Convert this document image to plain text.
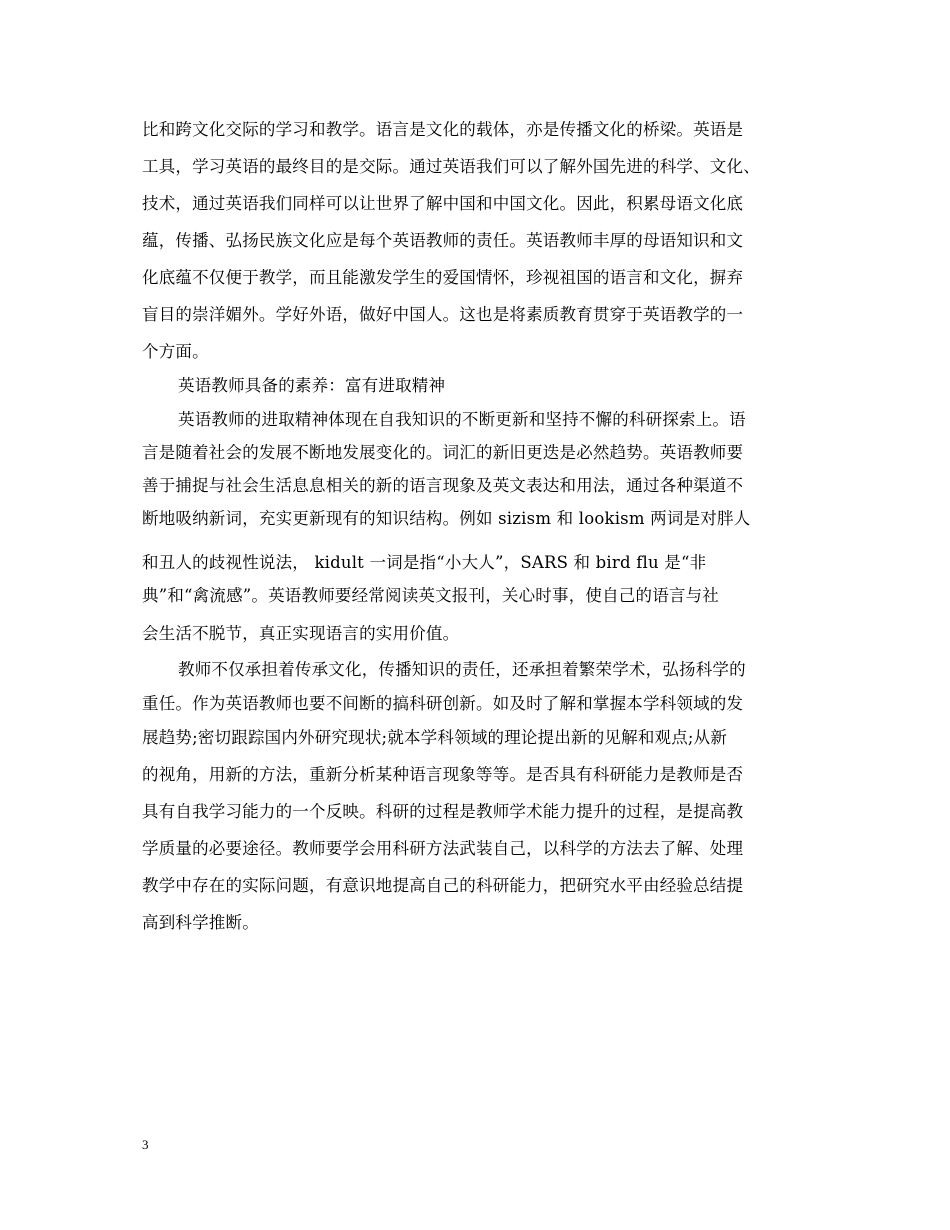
比和跨文化交际的学习和教学。语言是文化的载体，亦是传播文化的桥梁。英语是
工具，学习英语的最终目的是交际。通过英语我们可以了解外国先进的科学、文化、
技术，通过英语我们同样可以让世界了解中国和中国文化。因此，积累母语文化底
蕴，传播、弘扬民族文化应是每个英语教师的责任。英语教师丰厚的母语知识和文
化底蕴不仅便于教学，而且能激发学生的爱国情怀，珍视祖国的语言和文化，摒弃
盲目的崇洋媚外。学好外语，做好中国人。这也是将素质教育贯穿于英语教学的一
个方面。
英语教师具备的素养：富有进取精神
英语教师的进取精神体现在自我知识的不断更新和坚持不懈的科研探索上。语
言是随着社会的发展不断地发展变化的。词汇的新旧更迭是必然趋势。英语教师要
善于捕捉与社会生活息息相关的新的语言现象及英文表达和用法，通过各种渠道不
断地吸纳新词，充实更新现有的知识结构。例如 sizism 和 lookism 两词是对胖人
和丑人的歧视性说法， kidult 一词是指“小大人”，SARS 和 bird flu 是“非
典”和“禽流感”。英语教师要经常阅读英文报刊，关心时事，使自己的语言与社
会生活不脱节，真正实现语言的实用价值。
教师不仅承担着传承文化，传播知识的责任，还承担着繁荣学术，弘扬科学的
重任。作为英语教师也要不间断的搞科研创新。如及时了解和掌握本学科领域的发
展趋势;密切跟踪国内外研究现状;就本学科领域的理论提出新的见解和观点;从新
的视角，用新的方法，重新分析某种语言现象等等。是否具有科研能力是教师是否
具有自我学习能力的一个反映。科研的过程是教师学术能力提升的过程，是提高教
学质量的必要途径。教师要学会用科研方法武装自己，以科学的方法去了解、处理
教学中存在的实际问题，有意识地提高自己的科研能力，把研究水平由经验总结提
高到科学推断。
3
